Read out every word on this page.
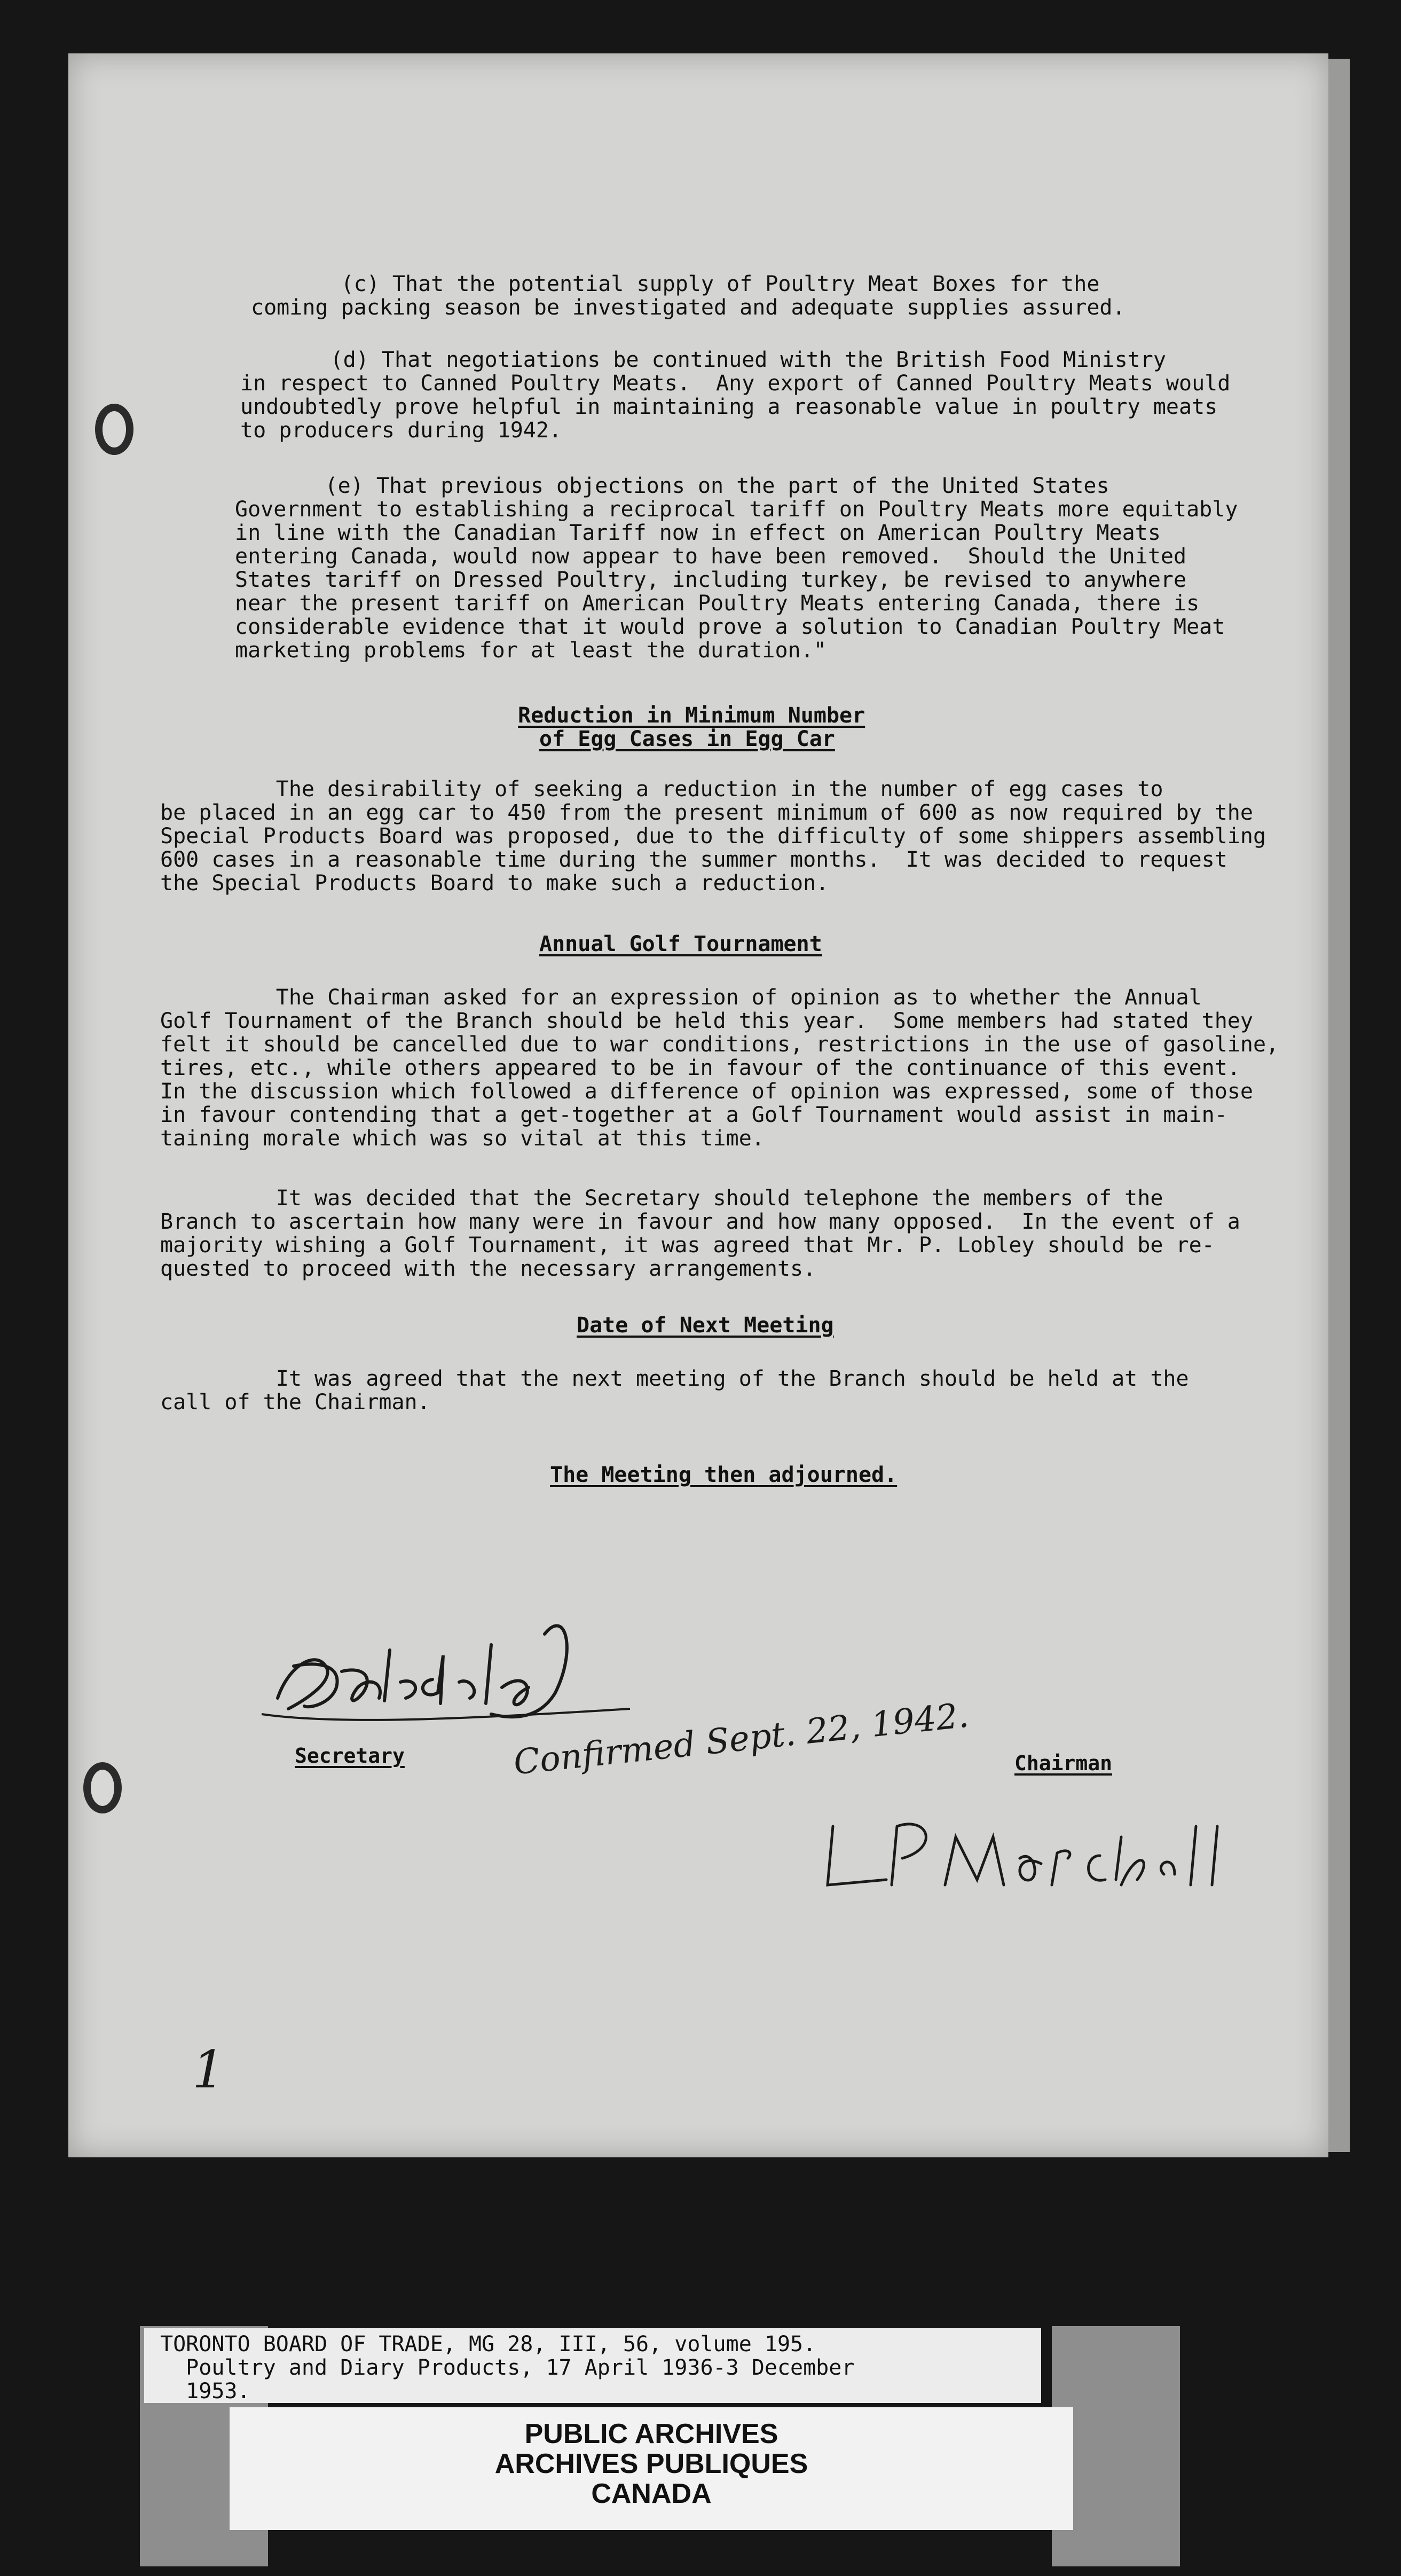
(c) That the potential supply of Poultry Meat Boxes for the
coming packing season be investigated and adequate supplies assured.
(d) That negotiations be continued with the British Food Ministry
in respect to Canned Poultry Meats.  Any export of Canned Poultry Meats would
undoubtedly prove helpful in maintaining a reasonable value in poultry meats
to producers during 1942.
(e) That previous objections on the part of the United States
Government to establishing a reciprocal tariff on Poultry Meats more equitably
in line with the Canadian Tariff now in effect on American Poultry Meats
entering Canada, would now appear to have been removed.  Should the United
States tariff on Dressed Poultry, including turkey, be revised to anywhere
near the present tariff on American Poultry Meats entering Canada, there is
considerable evidence that it would prove a solution to Canadian Poultry Meat
marketing problems for at least the duration."
Reduction in Minimum Number
of Egg Cases in Egg Car
The desirability of seeking a reduction in the number of egg cases to
be placed in an egg car to 450 from the present minimum of 600 as now required by the
Special Products Board was proposed, due to the difficulty of some shippers assembling
600 cases in a reasonable time during the summer months.  It was decided to request
the Special Products Board to make such a reduction.
Annual Golf Tournament
The Chairman asked for an expression of opinion as to whether the Annual
Golf Tournament of the Branch should be held this year.  Some members had stated they
felt it should be cancelled due to war conditions, restrictions in the use of gasoline,
tires, etc., while others appeared to be in favour of the continuance of this event.
In the discussion which followed a difference of opinion was expressed, some of those
in favour contending that a get-together at a Golf Tournament would assist in main-
taining morale which was so vital at this time.
It was decided that the Secretary should telephone the members of the
Branch to ascertain how many were in favour and how many opposed.  In the event of a
majority wishing a Golf Tournament, it was agreed that Mr. P. Lobley should be re-
quested to proceed with the necessary arrangements.
Date of Next Meeting
It was agreed that the next meeting of the Branch should be held at the
call of the Chairman.
The Meeting then adjourned.
Secretary	Chairman
Confirmed Sept. 22, 1942.
1
TORONTO BOARD OF TRADE, MG 28, III, 56, volume 195.
Poultry and Diary Products, 17 April 1936-3 December
1953.
PUBLIC ARCHIVES
ARCHIVES PUBLIQUES
CANADA
